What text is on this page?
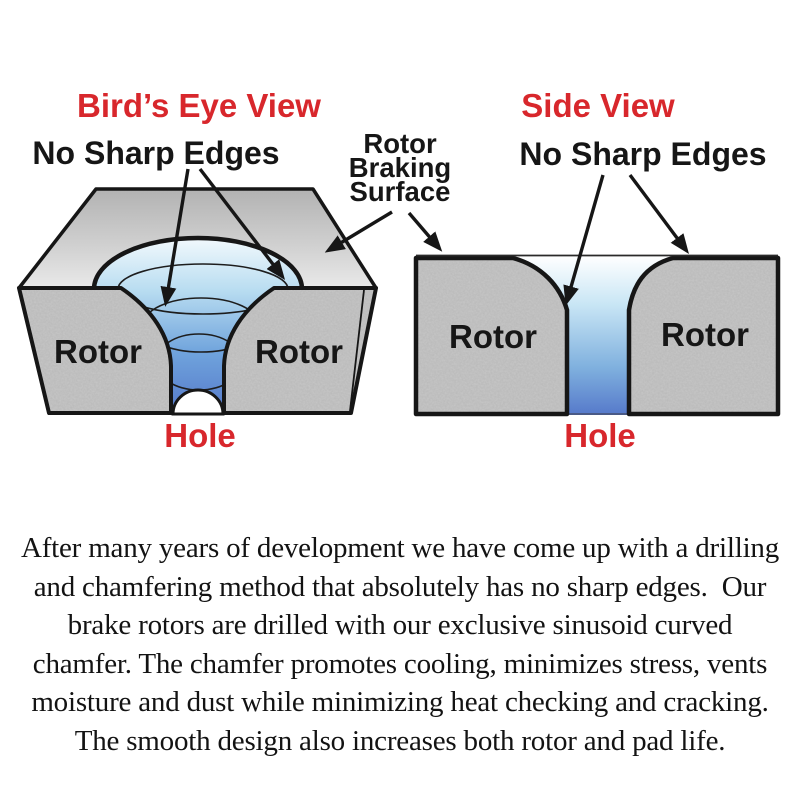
Rotor	Rotor
Hole
Bird’s Eye View
No Sharp Edges
Rotor	Rotor
Hole
Side View
No Sharp Edges
Rotor
Braking
Surface
After many years of development we have come up with a drilling
and chamfering method that absolutely has no sharp edges.  Our
brake rotors are drilled with our exclusive sinusoid curved
chamfer. The chamfer promotes cooling, minimizes stress, vents
moisture and dust while minimizing heat checking and cracking.
The smooth design also increases both rotor and pad life.
